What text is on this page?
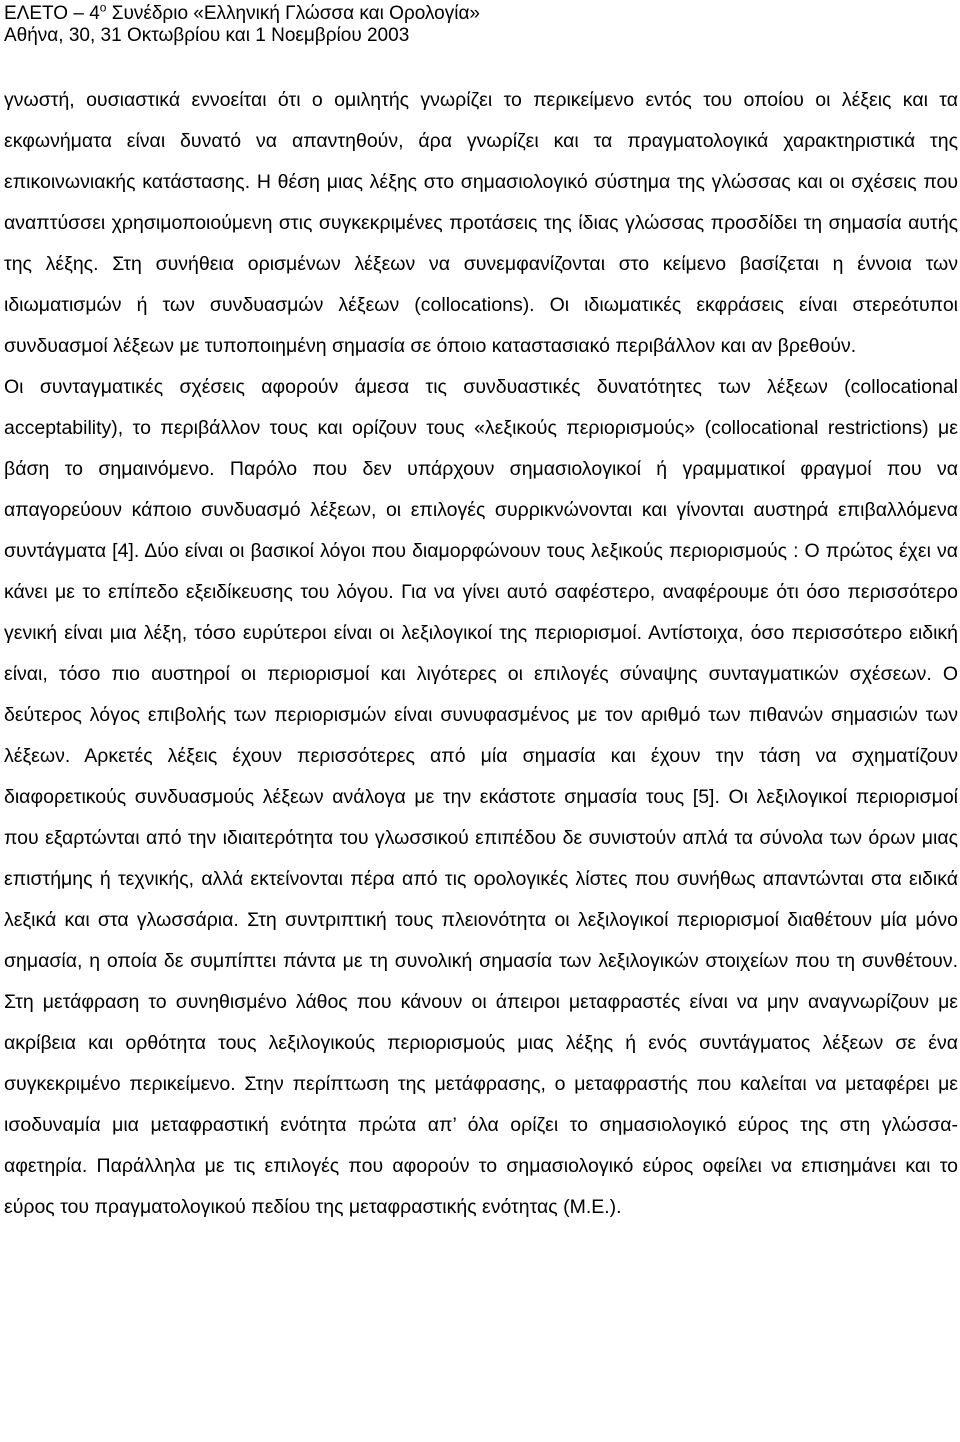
ΕΛΕΤΟ – $4^o$ Συνέδριο «Ελληνική Γλώσσα και Ορολογία»
Αθήνα, 30, 31 Οκτωβρίου και 1 Νοεμβρίου 2003

γνωστή, ουσιαστικά εννοείται ότι ο ομιλητής γνωρίζει το περικείμενο εντός του οποίου οι λέξεις και τα εκφωνήματα είναι δυνατό να απαντηθούν, άρα γνωρίζει και τα πραγματολογικά χαρακτηριστικά της επικοινωνιακής κατάστασης. Η θέση μιας λέξης στο σημασιολογικό σύστημα της γλώσσας και οι σχέσεις που αναπτύσσει χρησιμοποιούμενη στις συγκεκριμένες προτάσεις της ίδιας γλώσσας προσδίδει τη σημασία αυτής της λέξης. Στη συνήθεια ορισμένων λέξεων να συνεμφανίζονται στο κείμενο βασίζεται η έννοια των ιδιωματισμών ή των συνδυασμών λέξεων (collocations). Οι ιδιωματικές εκφράσεις είναι στερεότυποι συνδυασμοί λέξεων με τυποποιημένη σημασία σε όποιο καταστασιακό περιβάλλον και αν βρεθούν.

Οι συνταγματικές σχέσεις αφορούν άμεσα τις συνδυαστικές δυνατότητες των λέξεων (collocational acceptability), το περιβάλλον τους και ορίζουν τους «λεξικούς περιορισμούς» (collocational restrictions) με βάση το σημαινόμενο. Παρόλο που δεν υπάρχουν σημασιολογικοί ή γραμματικοί φραγμοί που να απαγορεύουν κάποιο συνδυασμό λέξεων, οι επιλογές συρρικνώνονται και γίνονται αυστηρά επιβαλλόμενα συντάγματα [4]. Δύο είναι οι βασικοί λόγοι που διαμορφώνουν τους λεξικούς περιορισμούς : Ο πρώτος έχει να κάνει με το επίπεδο εξειδίκευσης του λόγου. Για να γίνει αυτό σαφέστερο, αναφέρουμε ότι όσο περισσότερο γενική είναι μια λέξη, τόσο ευρύτεροι είναι οι λεξιλογικοί της περιορισμοί. Αντίστοιχα, όσο περισσότερο ειδική είναι, τόσο πιο αυστηροί οι περιορισμοί και λιγότερες οι επιλογές σύναψης συνταγματικών σχέσεων. Ο δεύτερος λόγος επιβολής των περιορισμών είναι συνυφασμένος με τον αριθμό των πιθανών σημασιών των λέξεων. Αρκετές λέξεις έχουν περισσότερες από μία σημασία και έχουν την τάση να σχηματίζουν διαφορετικούς συνδυασμούς λέξεων ανάλογα με την εκάστοτε σημασία τους [5]. Οι λεξιλογικοί περιορισμοί που εξαρτώνται από την ιδιαιτερότητα του γλωσσικού επιπέδου δε συνιστούν απλά τα σύνολα των όρων μιας επιστήμης ή τεχνικής, αλλά εκτείνονται πέρα από τις ορολογικές λίστες που συνήθως απαντώνται στα ειδικά λεξικά και στα γλωσσάρια. Στη συντριπτική τους πλειονότητα οι λεξιλογικοί περιορισμοί διαθέτουν μία μόνο σημασία, η οποία δε συμπίπτει πάντα με τη συνολική σημασία των λεξιλογικών στοιχείων που τη συνθέτουν. Στη μετάφραση το συνηθισμένο λάθος που κάνουν οι άπειροι μεταφραστές είναι να μην αναγνωρίζουν με ακρίβεια και ορθότητα τους λεξιλογικούς περιορισμούς μιας λέξης ή ενός συντάγματος λέξεων σε ένα συγκεκριμένο περικείμενο. Στην περίπτωση της μετάφρασης, ο μεταφραστής που καλείται να μεταφέρει με ισοδυναμία μια μεταφραστική ενότητα πρώτα απ’ όλα ορίζει το σημασιολογικό εύρος της στη γλώσσα-αφετηρία. Παράλληλα με τις επιλογές που αφορούν το σημασιολογικό εύρος οφείλει να επισημάνει και το εύρος του πραγματολογικού πεδίου της μεταφραστικής ενότητας (Μ.Ε.).
